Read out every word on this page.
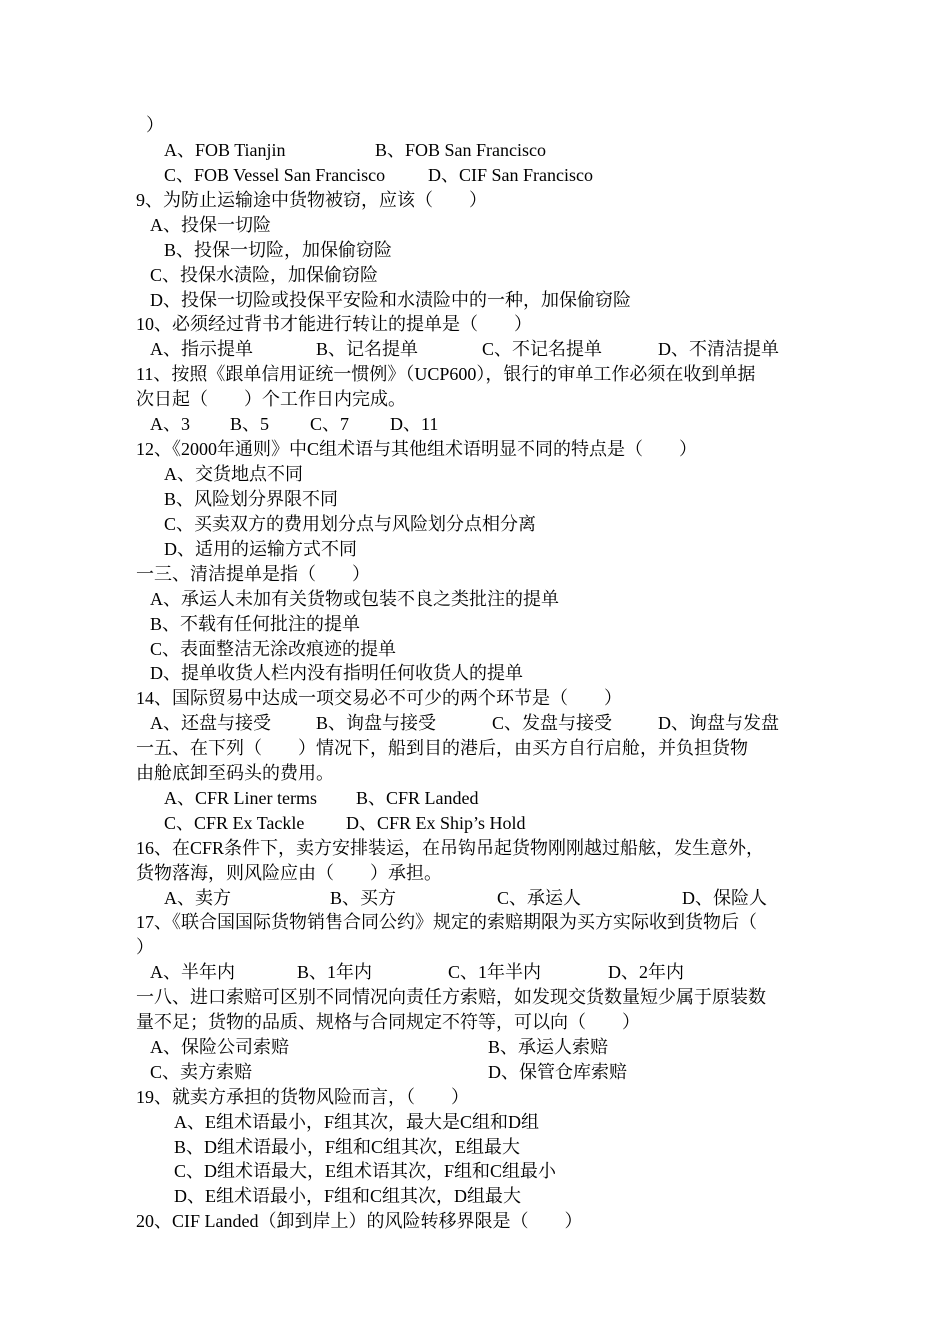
）
A、FOB Tianjin	B、FOB San Francisco
C、FOB Vessel San Francisco D、CIF San Francisco
9、为防止运输途中货物被窃，应该（　　）
A、投保一切险
B、投保一切险，加保偷窃险
C、投保水渍险，加保偷窃险
D、投保一切险或投保平安险和水渍险中的一种，加保偷窃险
10、必须经过背书才能进行转让的提单是（　　）
A、指示提单	B、记名提单	C、不记名提单	D、不清洁提单
11、按照《跟单信用证统一惯例》（UCP600），银行的审单工作必须在收到单据
次日起（　　）个工作日内完成。
A、3 B、5 C、7 D、11
12、《2000年通则》中C组术语与其他组术语明显不同的特点是（　　）
A、交货地点不同
B、风险划分界限不同
C、买卖双方的费用划分点与风险划分点相分离
D、适用的运输方式不同
一三、清洁提单是指（　　）
A、承运人未加有关货物或包装不良之类批注的提单
B、不载有任何批注的提单
C、表面整洁无涂改痕迹的提单
D、提单收货人栏内没有指明任何收货人的提单
14、国际贸易中达成一项交易必不可少的两个环节是（　　）
A、还盘与接受	B、询盘与接受	C、发盘与接受	D、询盘与发盘
一五、在下列（　　）情况下，船到目的港后，由买方自行启舱，并负担货物
由舱底卸至码头的费用。
A、CFR Liner terms B、CFR Landed
C、CFR Ex Tackle D、CFR Ex Ship’s Hold
16、在CFR条件下，卖方安排装运，在吊钩吊起货物刚刚越过船舷，发生意外，
货物落海，则风险应由（　　）承担。
A、卖方	B、买方	C、承运人	D、保险人
17、《联合国国际货物销售合同公约》规定的索赔期限为买方实际收到货物后（
）
A、半年内	B、1年内	C、1年半内	D、2年内
一八、进口索赔可区别不同情况向责任方索赔，如发现交货数量短少属于原装数
量不足；货物的品质、规格与合同规定不符等，可以向（　　）
A、保险公司索赔	B、承运人索赔
C、卖方索赔	D、保管仓库索赔
19、就卖方承担的货物风险而言，（　　）
A、E组术语最小，F组其次，最大是C组和D组
B、D组术语最小，F组和C组其次，E组最大
C、D组术语最大，E组术语其次，F组和C组最小
D、E组术语最小，F组和C组其次，D组最大
20、CIF Landed（卸到岸上）的风险转移界限是（　　）
